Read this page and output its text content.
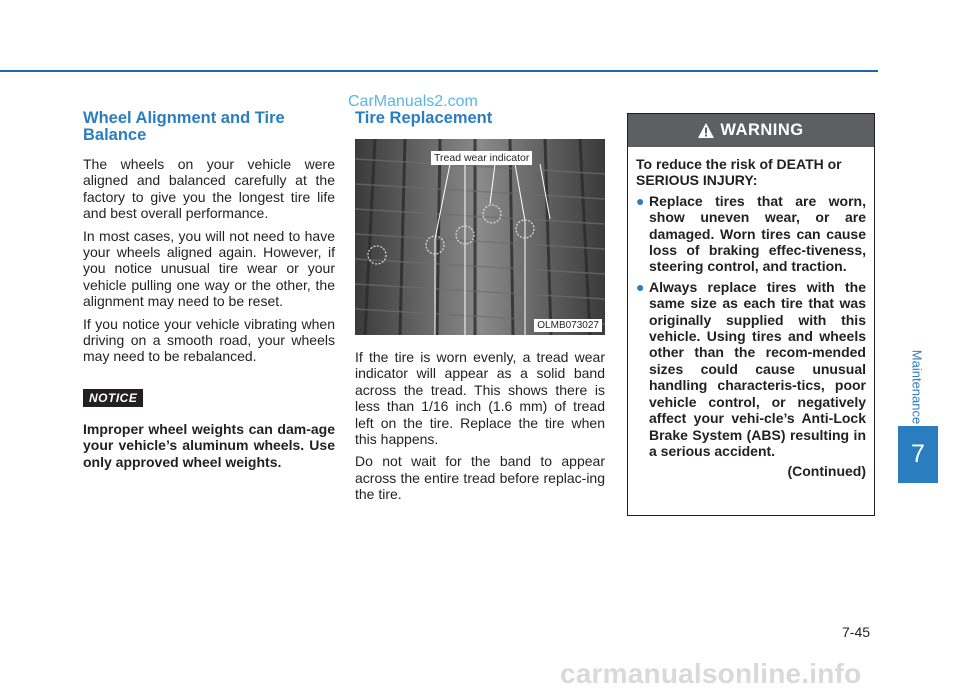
CarManuals2.com
Wheel Alignment and Tire Balance

The wheels on your vehicle were aligned and balanced carefully at the factory to give you the longest tire life and best overall performance.

In most cases, you will not need to have your wheels aligned again. However, if you notice unusual tire wear or your vehicle pulling one way or the other, the alignment may need to be reset.

If you notice your vehicle vibrating when driving on a smooth road, your wheels may need to be rebalanced.

NOTICE

Improper wheel weights can dam-age your vehicle’s aluminum wheels. Use only approved wheel weights.

Tire Replacement
Tread wear indicator
OLMB073027

If the tire is worn evenly, a tread wear indicator will appear as a solid band across the tread. This shows there is less than 1/16 inch (1.6 mm) of tread left on the tire. Replace the tire when this happens.

Do not wait for the band to appear across the entire tread before replac-ing the tire.

WARNING

To reduce the risk of DEATH or SERIOUS INJURY:

● Replace tires that are worn, show uneven wear, or are damaged. Worn tires can cause loss of braking effec-tiveness, steering control, and traction.
● Always replace tires with the same size as each tire that was originally supplied with this vehicle. Using tires and wheels other than the recom-mended sizes could cause unusual handling characteris-tics, poor vehicle control, or negatively affect your vehi-cle’s Anti-Lock Brake System (ABS) resulting in a serious accident.
(Continued)
Maintenance
7
7-45
carmanualsonline.info
